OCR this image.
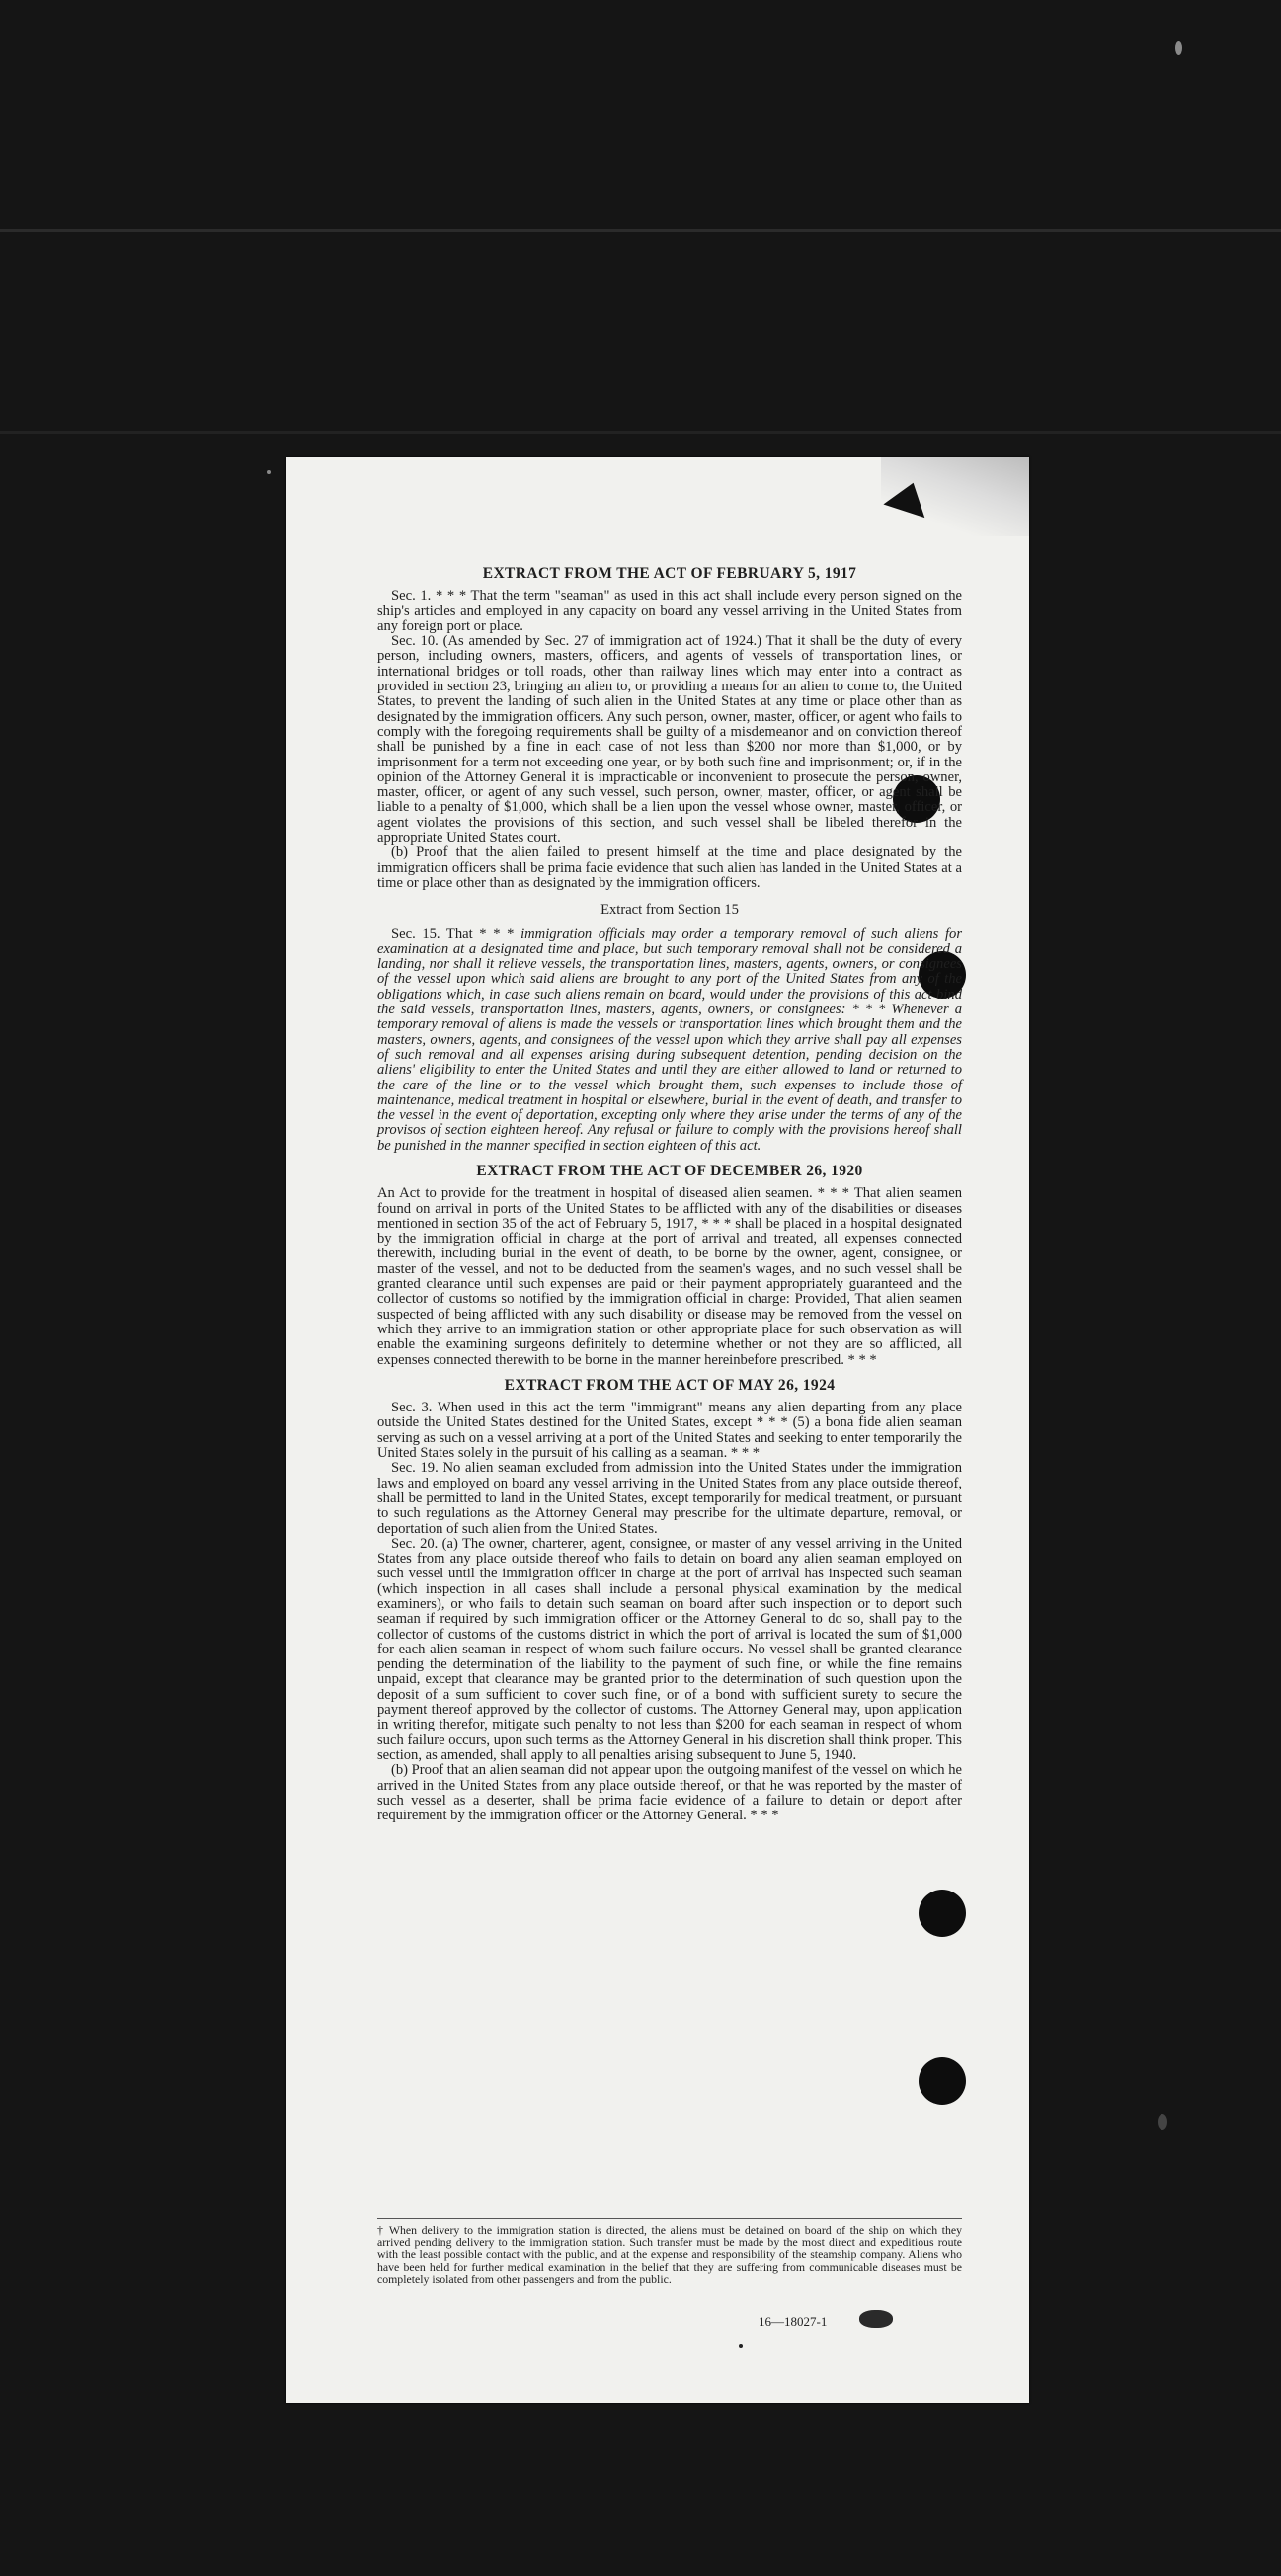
EXTRACT FROM THE ACT OF FEBRUARY 5, 1917

Sec. 1. * * * That the term "seaman" as used in this act shall include every person signed on the ship's articles and employed in any capacity on board any vessel arriving in the United States from any foreign port or place.

Sec. 10. (As amended by Sec. 27 of immigration act of 1924.) That it shall be the duty of every person, including owners, masters, officers, and agents of vessels of transportation lines, or international bridges or toll roads, other than railway lines which may enter into a contract as provided in section 23, bringing an alien to, or providing a means for an alien to come to, the United States, to prevent the landing of such alien in the United States at any time or place other than as designated by the immigration officers. Any such person, owner, master, officer, or agent who fails to comply with the foregoing requirements shall be guilty of a misdemeanor and on conviction thereof shall be punished by a fine in each case of not less than $200 nor more than $1,000, or by imprisonment for a term not exceeding one year, or by both such fine and imprisonment; or, if in the opinion of the Attorney General it is impracticable or inconvenient to prosecute the person, owner, master, officer, or agent of any such vessel, such person, owner, master, officer, or agent shall be liable to a penalty of $1,000, which shall be a lien upon the vessel whose owner, master, officer, or agent violates the provisions of this section, and such vessel shall be libeled therefor in the appropriate United States court.

(b) Proof that the alien failed to present himself at the time and place designated by the immigration officers shall be prima facie evidence that such alien has landed in the United States at a time or place other than as designated by the immigration officers.

Extract from Section 15

Sec. 15. That * * * immigration officials may order a temporary removal of such aliens for examination at a designated time and place, but such temporary removal shall not be considered a landing, nor shall it relieve vessels, the transportation lines, masters, agents, owners, or consignees of the vessel upon which said aliens are brought to any port of the United States from any of the obligations which, in case such aliens remain on board, would under the provisions of this act bind the said vessels, transportation lines, masters, agents, owners, or consignees: * * * Whenever a temporary removal of aliens is made the vessels or transportation lines which brought them and the masters, owners, agents, and consignees of the vessel upon which they arrive shall pay all expenses of such removal and all expenses arising during subsequent detention, pending decision on the aliens' eligibility to enter the United States and until they are either allowed to land or returned to the care of the line or to the vessel which brought them, such expenses to include those of maintenance, medical treatment in hospital or elsewhere, burial in the event of death, and transfer to the vessel in the event of deportation, excepting only where they arise under the terms of any of the provisos of section eighteen hereof. Any refusal or failure to comply with the provisions hereof shall be punished in the manner specified in section eighteen of this act.

EXTRACT FROM THE ACT OF DECEMBER 26, 1920

An Act to provide for the treatment in hospital of diseased alien seamen. * * * That alien seamen found on arrival in ports of the United States to be afflicted with any of the disabilities or diseases mentioned in section 35 of the act of February 5, 1917, * * * shall be placed in a hospital designated by the immigration official in charge at the port of arrival and treated, all expenses connected therewith, including burial in the event of death, to be borne by the owner, agent, consignee, or master of the vessel, and not to be deducted from the seamen's wages, and no such vessel shall be granted clearance until such expenses are paid or their payment appropriately guaranteed and the collector of customs so notified by the immigration official in charge: Provided, That alien seamen suspected of being afflicted with any such disability or disease may be removed from the vessel on which they arrive to an immigration station or other appropriate place for such observation as will enable the examining surgeons definitely to determine whether or not they are so afflicted, all expenses connected therewith to be borne in the manner hereinbefore prescribed. * * *

EXTRACT FROM THE ACT OF MAY 26, 1924

Sec. 3. When used in this act the term "immigrant" means any alien departing from any place outside the United States destined for the United States, except * * * (5) a bona fide alien seaman serving as such on a vessel arriving at a port of the United States and seeking to enter temporarily the United States solely in the pursuit of his calling as a seaman. * * *

Sec. 19. No alien seaman excluded from admission into the United States under the immigration laws and employed on board any vessel arriving in the United States from any place outside thereof, shall be permitted to land in the United States, except temporarily for medical treatment, or pursuant to such regulations as the Attorney General may prescribe for the ultimate departure, removal, or deportation of such alien from the United States.

Sec. 20. (a) The owner, charterer, agent, consignee, or master of any vessel arriving in the United States from any place outside thereof who fails to detain on board any alien seaman employed on such vessel until the immigration officer in charge at the port of arrival has inspected such seaman (which inspection in all cases shall include a personal physical examination by the medical examiners), or who fails to detain such seaman on board after such inspection or to deport such seaman if required by such immigration officer or the Attorney General to do so, shall pay to the collector of customs of the customs district in which the port of arrival is located the sum of $1,000 for each alien seaman in respect of whom such failure occurs. No vessel shall be granted clearance pending the determination of the liability to the payment of such fine, or while the fine remains unpaid, except that clearance may be granted prior to the determination of such question upon the deposit of a sum sufficient to cover such fine, or of a bond with sufficient surety to secure the payment thereof approved by the collector of customs. The Attorney General may, upon application in writing therefor, mitigate such penalty to not less than $200 for each seaman in respect of whom such failure occurs, upon such terms as the Attorney General in his discretion shall think proper. This section, as amended, shall apply to all penalties arising subsequent to June 5, 1940.

(b) Proof that an alien seaman did not appear upon the outgoing manifest of the vessel on which he arrived in the United States from any place outside thereof, or that he was reported by the master of such vessel as a deserter, shall be prima facie evidence of a failure to detain or deport after requirement by the immigration officer or the Attorney General. * * *

† When delivery to the immigration station is directed, the aliens must be detained on board of the ship on which they arrived pending delivery to the immigration station. Such transfer must be made by the most direct and expeditious route with the least possible contact with the public, and at the expense and responsibility of the steamship company. Aliens who have been held for further medical examination in the belief that they are suffering from communicable diseases must be completely isolated from other passengers and from the public.
16—18027-1
